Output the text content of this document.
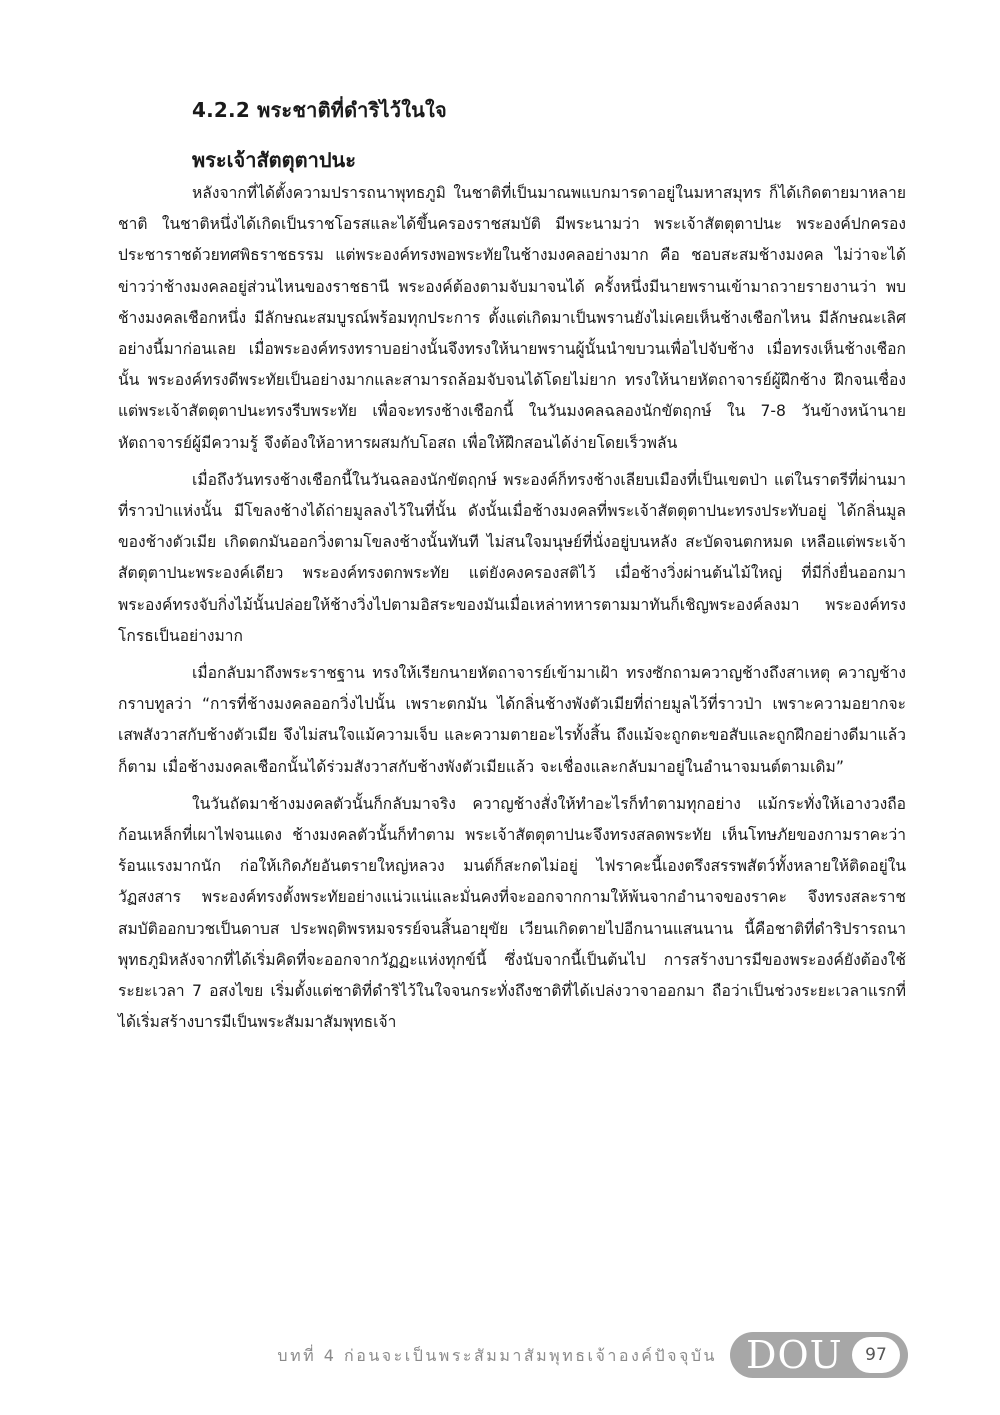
4.2.2 พระชาติที่ดำริไว้ในใจ
พระเจ้าสัตตุตาปนะ

หลังจากที่ได้ตั้งความปรารถนาพุทธภูมิ ในชาติที่เป็นมาณพแบกมารดาอยู่ในมหาสมุทร ก็ได้เกิดตายมาหลายชาติ ในชาติหนึ่งได้เกิดเป็นราชโอรสและได้ขึ้นครองราชสมบัติ มีพระนามว่า พระเจ้าสัตตุตาปนะ พระองค์ปกครองประชาราชด้วยทศพิธราชธรรม แต่พระองค์ทรงพอพระทัยในช้างมงคลอย่างมาก คือ ชอบสะสมช้างมงคล ไม่ว่าจะได้ข่าวว่าช้างมงคลอยู่ส่วนไหนของราชธานี พระองค์ต้องตามจับมาจนได้ ครั้งหนึ่งมีนายพรานเข้ามาถวายรายงานว่า พบช้างมงคลเชือกหนึ่ง มีลักษณะสมบูรณ์พร้อมทุกประการ ตั้งแต่เกิดมาเป็นพรานยังไม่เคยเห็นช้างเชือกไหน มีลักษณะเลิศอย่างนี้มาก่อนเลย เมื่อพระองค์ทรงทราบอย่างนั้นจึงทรงให้นายพรานผู้นั้นนำขบวนเพื่อไปจับช้าง เมื่อทรงเห็นช้างเชือกนั้น พระองค์ทรงดีพระทัยเป็นอย่างมากและสามารถล้อมจับจนได้โดยไม่ยาก ทรงให้นายหัตถาจารย์ผู้ฝึกช้าง ฝึกจนเชื่อง แต่พระเจ้าสัตตุตาปนะทรงรีบพระทัย เพื่อจะทรงช้างเชือกนี้ ในวันมงคลฉลองนักขัตฤกษ์ ใน 7-8 วันข้างหน้านายหัตถาจารย์ผู้มีความรู้ จึงต้องให้อาหารผสมกับโอสถ เพื่อให้ฝึกสอนได้ง่ายโดยเร็วพลัน

เมื่อถึงวันทรงช้างเชือกนี้ในวันฉลองนักขัตฤกษ์ พระองค์ก็ทรงช้างเลียบเมืองที่เป็นเขตป่า แต่ในราตรีที่ผ่านมาที่ราวป่าแห่งนั้น มีโขลงช้างได้ถ่ายมูลลงไว้ในที่นั้น ดังนั้นเมื่อช้างมงคลที่พระเจ้าสัตตุตาปนะทรงประทับอยู่ ได้กลิ่นมูลของช้างตัวเมีย เกิดตกมันออกวิ่งตามโขลงช้างนั้นทันที ไม่สนใจมนุษย์ที่นั่งอยู่บนหลัง สะบัดจนตกหมด เหลือแต่พระเจ้าสัตตุตาปนะพระองค์เดียว พระองค์ทรงตกพระทัย แต่ยังคงครองสติไว้ เมื่อช้างวิ่งผ่านต้นไม้ใหญ่ ที่มีกิ่งยื่นออกมา พระองค์ทรงจับกิ่งไม้นั้นปล่อยให้ช้างวิ่งไปตามอิสระของมันเมื่อเหล่าทหารตามมาทันก็เชิญพระองค์ลงมา พระองค์ทรงโกรธเป็นอย่างมาก

เมื่อกลับมาถึงพระราชฐาน ทรงให้เรียกนายหัตถาจารย์เข้ามาเฝ้า ทรงซักถามควาญช้างถึงสาเหตุ ควาญช้างกราบทูลว่า “การที่ช้างมงคลออกวิ่งไปนั้น เพราะตกมัน ได้กลิ่นช้างพังตัวเมียที่ถ่ายมูลไว้ที่ราวป่า เพราะความอยากจะเสพสังวาสกับช้างตัวเมีย จึงไม่สนใจแม้ความเจ็บ และความตายอะไรทั้งสิ้น ถึงแม้จะถูกตะขอสับและถูกฝึกอย่างดีมาแล้วก็ตาม เมื่อช้างมงคลเชือกนั้นได้ร่วมสังวาสกับช้างพังตัวเมียแล้ว จะเชื่องและกลับมาอยู่ในอำนาจมนต์ตามเดิม”

ในวันถัดมาช้างมงคลตัวนั้นก็กลับมาจริง ควาญช้างสั่งให้ทำอะไรก็ทำตามทุกอย่าง แม้กระทั่งให้เอางวงถือก้อนเหล็กที่เผาไฟจนแดง ช้างมงคลตัวนั้นก็ทำตาม พระเจ้าสัตตุตาปนะจึงทรงสลดพระทัย เห็นโทษภัยของกามราคะว่าร้อนแรงมากนัก ก่อให้เกิดภัยอันตรายใหญ่หลวง มนต์ก็สะกดไม่อยู่ ไฟราคะนี้เองตรึงสรรพสัตว์ทั้งหลายให้ติดอยู่ในวัฏสงสาร พระองค์ทรงตั้งพระทัยอย่างแน่วแน่และมั่นคงที่จะออกจากกามให้พ้นจากอำนาจของราคะ จึงทรงสละราชสมบัติออกบวชเป็นดาบส ประพฤติพรหมจรรย์จนสิ้นอายุขัย เวียนเกิดตายไปอีกนานแสนนาน นี้คือชาติที่ดำริปรารถนาพุทธภูมิหลังจากที่ได้เริ่มคิดที่จะออกจากวัฏฏะแห่งทุกข์นี้ ซึ่งนับจากนี้เป็นต้นไป การสร้างบารมีของพระองค์ยังต้องใช้ระยะเวลา 7 อสงไขย เริ่มตั้งแต่ชาติที่ดำริไว้ในใจจนกระทั่งถึงชาติที่ได้เปล่งวาจาออกมา ถือว่าเป็นช่วงระยะเวลาแรกที่ได้เริ่มสร้างบารมีเป็นพระสัมมาสัมพุทธเจ้า

บทที่ 4 ก่อนจะเป็นพระสัมมาสัมพุทธเจ้าองค์ปัจจุบัน DOU	97
